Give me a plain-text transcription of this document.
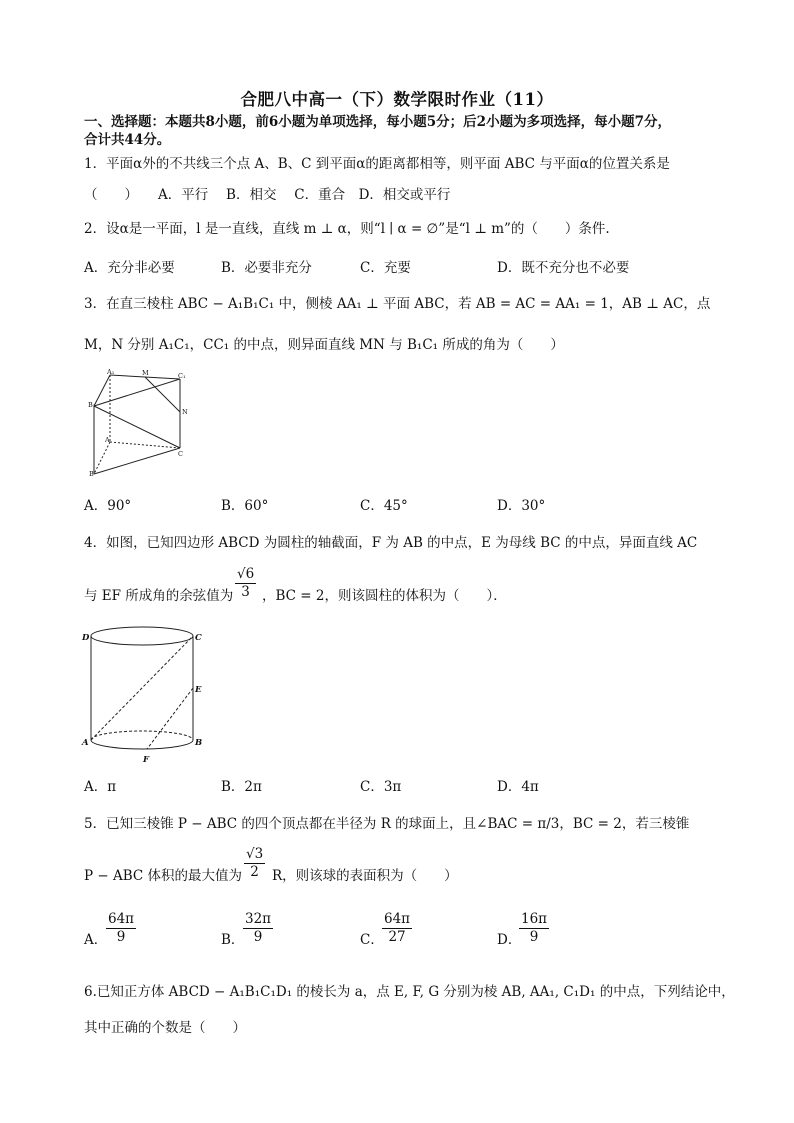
合肥八中高一（下）数学限时作业（11）
一、选择题：本题共8小题，前6小题为单项选择，每小题5分；后2小题为多项选择，每小题7分，
合计共44分。
1．平面α外的不共线三个点 A、B、C 到平面α的距离都相等，则平面 ABC 与平面α的位置关系是
（　　） A．平行　 B．相交　 C．重合　D．相交或平行
2．设α是一平面，l 是一直线，直线 m ⊥ α，则“l ∣ α = ∅”是“l ⊥ m”的（　　）条件.
A．充分非必要	B．必要非充分	C．充要	D．既不充分也不必要
3．在直三棱柱 ABC − A₁B₁C₁ 中，侧棱 AA₁ ⊥ 平面 ABC，若 AB = AC = AA₁ = 1，AB ⊥ AC，点
M，N 分别 A₁C₁，CC₁ 的中点，则异面直线 MN 与 B₁C₁ 所成的角为（　　）
A₁	M	C₁
B₁
N
A
C
B
A．90°	B．60°	C．45°	D．30°
4．如图，已知四边形 ABCD 为圆柱的轴截面，F 为 AB 的中点，E 为母线 BC 的中点，异面直线 AC
与 EF 所成角的余弦值为 $\frac{√6}{3}$ ，BC = 2，则该圆柱的体积为（　　）．
D	C
E
A	B
F
A．π	B．2π	C．3π	D．4π
5．已知三棱锥 P − ABC 的四个顶点都在半径为 R 的球面上，且∠BAC = π/3，BC = 2，若三棱锥
P − ABC 体积的最大值为 $\frac{√3}{2}$ R，则该球的表面积为（　　）
A．
$\frac{64\pi}{9}$	B．
$\frac{32\pi}{9}$	C．
$\frac{64\pi}{27}$	D．
$\frac{16\pi}{9}$
6.已知正方体 ABCD − A₁B₁C₁D₁ 的棱长为 a，点 E, F, G 分别为棱 AB, AA₁, C₁D₁ 的中点，下列结论中，
其中正确的个数是（　　）
